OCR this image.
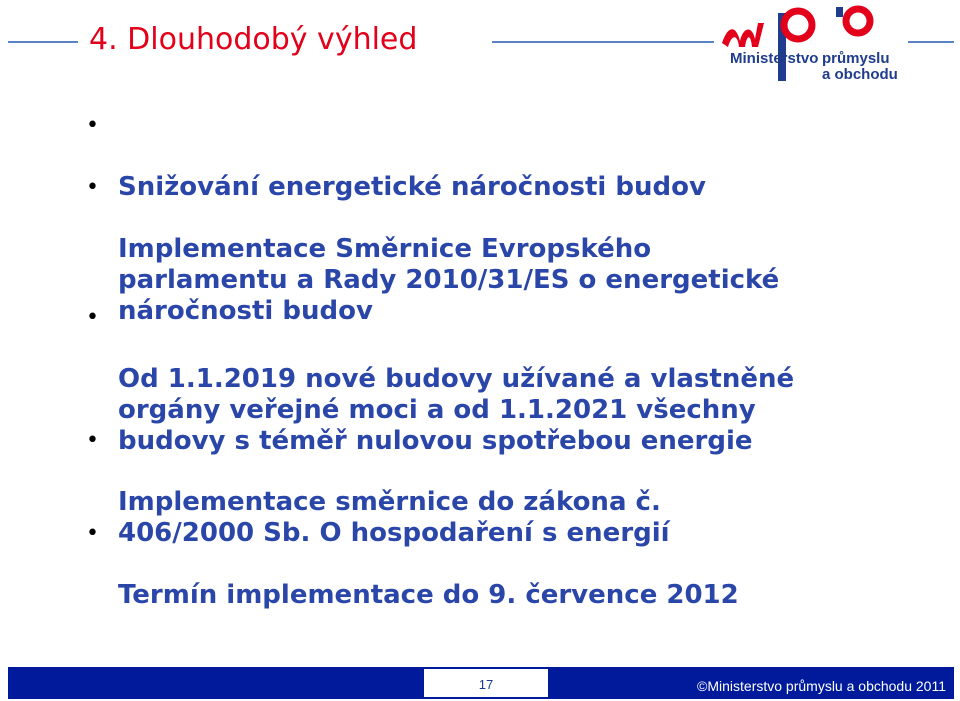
4. Dlouhodobý výhled
Ministerstvo průmyslu
a obchodu

•

Snižování energetické náročnosti budov

•

Implementace Směrnice Evropského
parlamentu a Rady 2010/31/ES o energetické
náročnosti budov

•

Od 1.1.2019 nové budovy užívané a vlastněné
orgány veřejné moci a od 1.1.2021 všechny
budovy s téměř nulovou spotřebou energie

•

Implementace směrnice do zákona č.
406/2000 Sb. O hospodaření s energií

•

Termín implementace do 9. července 2012

17	©Ministerstvo průmyslu a obchodu 2011
